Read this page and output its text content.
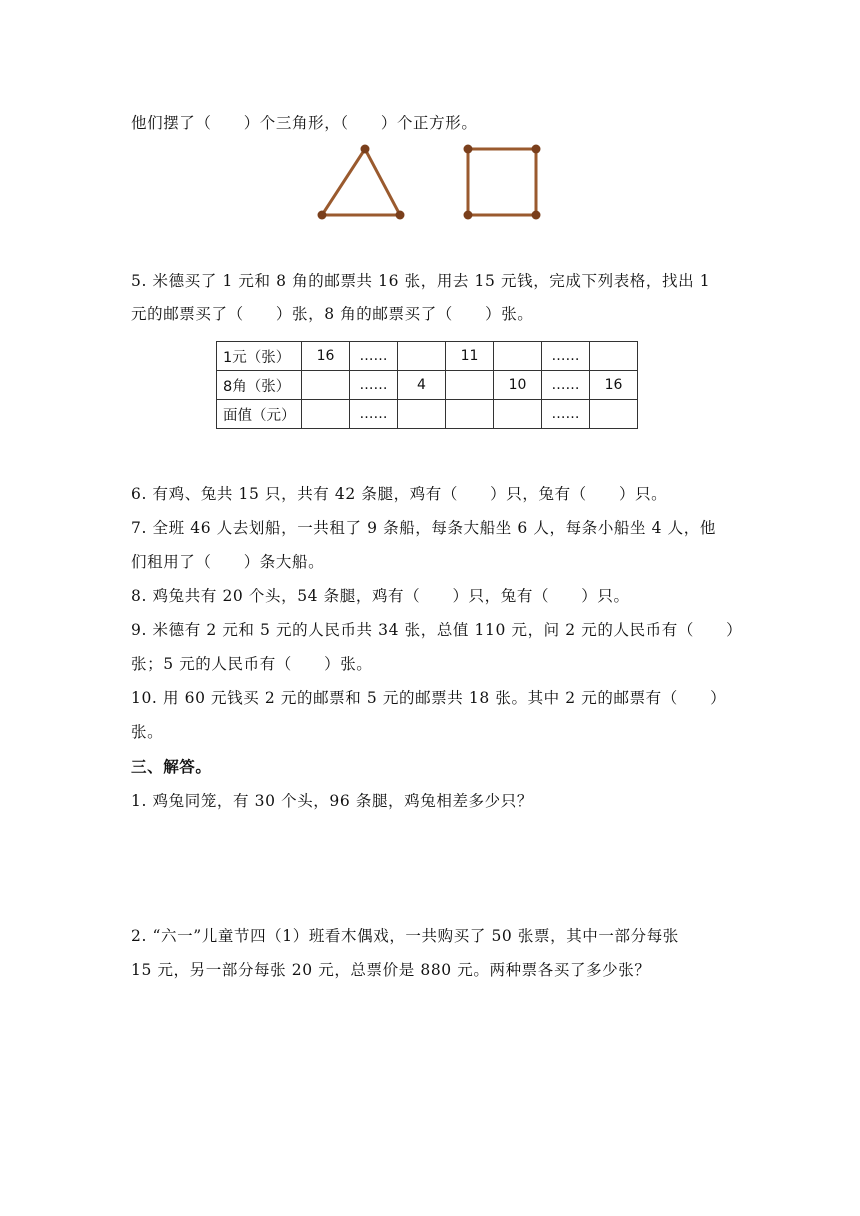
他们摆了（　　）个三角形，（　　）个正方形。
5. 米德买了 1 元和 8 角的邮票共 16 张，用去 15 元钱，完成下列表格，找出 1
元的邮票买了（　　）张，8 角的邮票买了（　　）张。
1元（张）	16	……		11		……	
8角（张）		……	4		10	……	16
面值（元）		……				……	
6. 有鸡、兔共 15 只，共有 42 条腿，鸡有（　　）只，兔有（　　）只。
7. 全班 46 人去划船，一共租了 9 条船，每条大船坐 6 人，每条小船坐 4 人，他
们租用了（　　）条大船。
8. 鸡兔共有 20 个头，54 条腿，鸡有（　　）只，兔有（　　）只。
9. 米德有 2 元和 5 元的人民币共 34 张，总值 110 元，问 2 元的人民币有（　　）
张；5 元的人民币有（　　）张。
10. 用 60 元钱买 2 元的邮票和 5 元的邮票共 18 张。其中 2 元的邮票有（　　）
张。
三、解答。
1. 鸡兔同笼，有 30 个头，96 条腿，鸡兔相差多少只？
2. “六一”儿童节四（1）班看木偶戏，一共购买了 50 张票，其中一部分每张
15 元，另一部分每张 20 元，总票价是 880 元。两种票各买了多少张？
